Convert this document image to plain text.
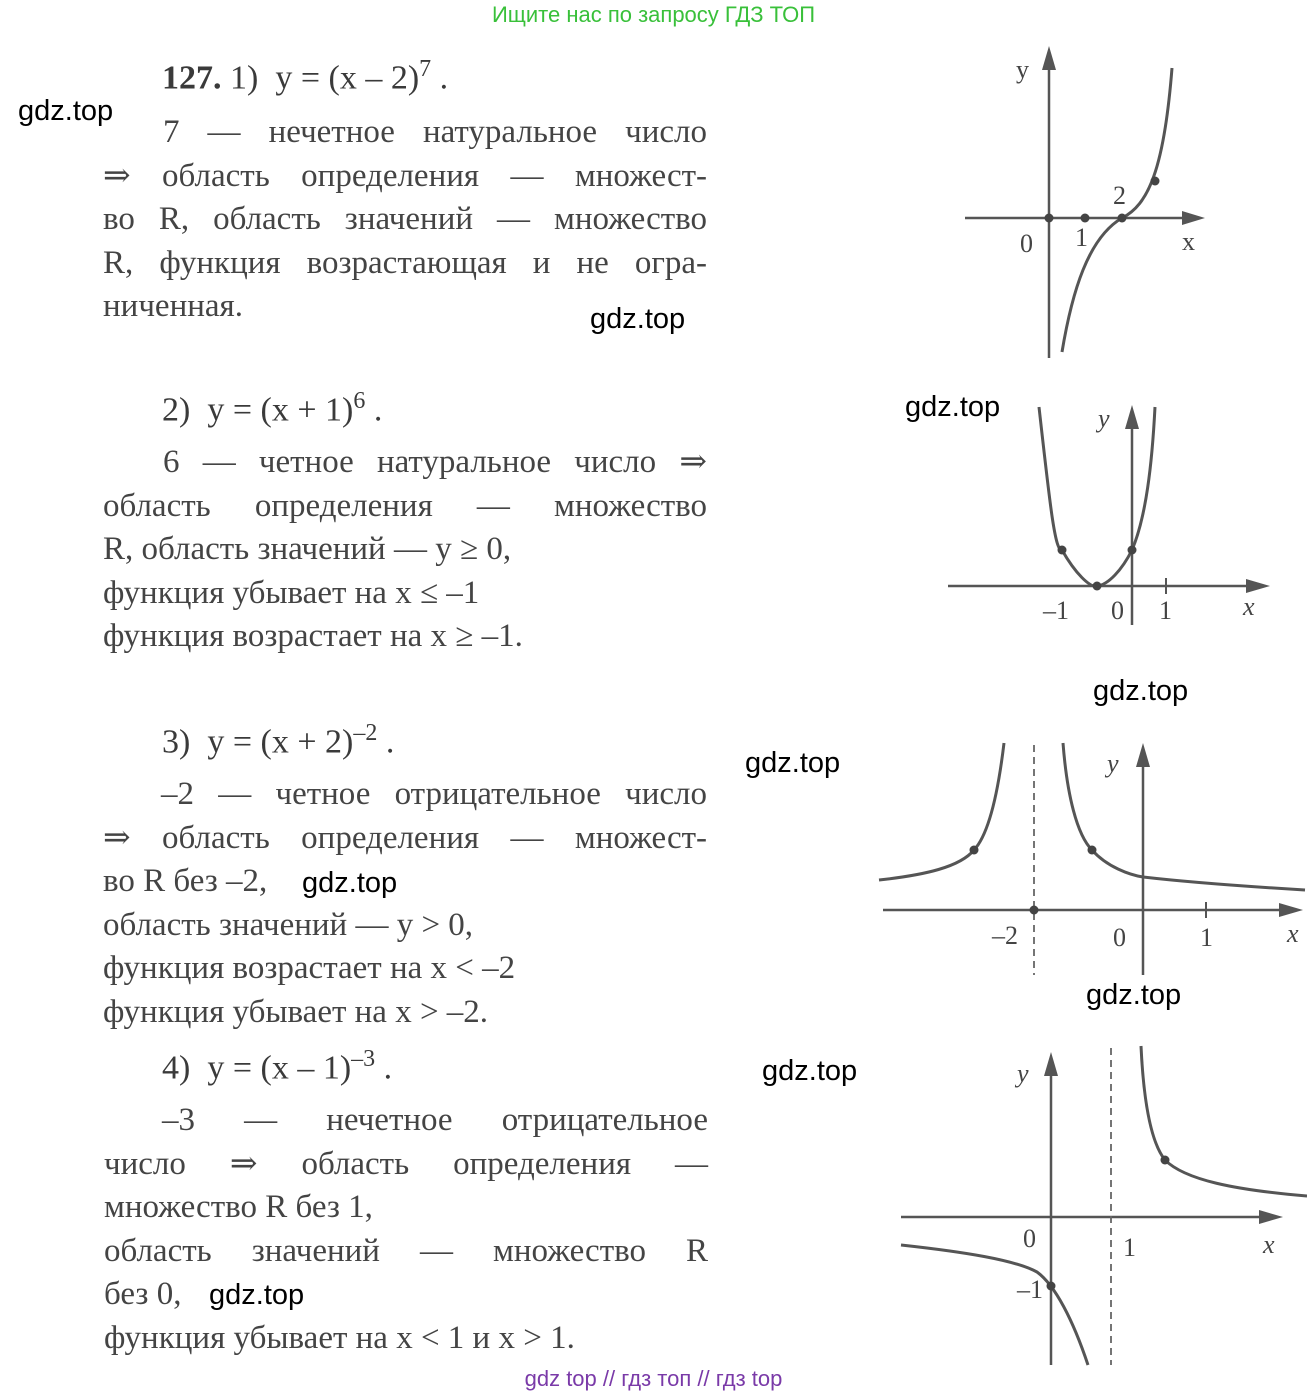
Ищите нас по запросу ГДЗ ТОП
127. 1) y = (x – 2)$^7$ .
7 — нечетное натуральное число
⇒ область определения — множест-
во R, область значений — множество
R, функция возрастающая и не огра-
ниченная.
2) $y = (x + 1)^6$ .
6 — четное натуральное число ⇒
область определения — множество
R, область значений — y ≥ 0,
функция убывает на x ≤ –1
функция возрастает на x ≥ –1.
3) $y = (x + 2)^{-2}$ .
–2 — четное отрицательное число
⇒ область определения — множест-
во R без –2,
область значений — y > 0,
функция возрастает на x < –2
функция убывает на x > –2.
4) y = (x – 1)$^{-3}$ .
–3 — нечетное отрицательное
число ⇒ область определения —
множество R без 1,
область значений — множество R
без 0,
функция убывает на x < 1 и x > 1.
y
0 1
2
x
y
–1 0 1	x
y
–2	0	1	x
y
0	1
–1
x
gdz.top
gdz.top
gdz.top
gdz.top
gdz.top
gdz.top
gdz.top
gdz.top
gdz.top
gdz top // гдз топ // гдз top
